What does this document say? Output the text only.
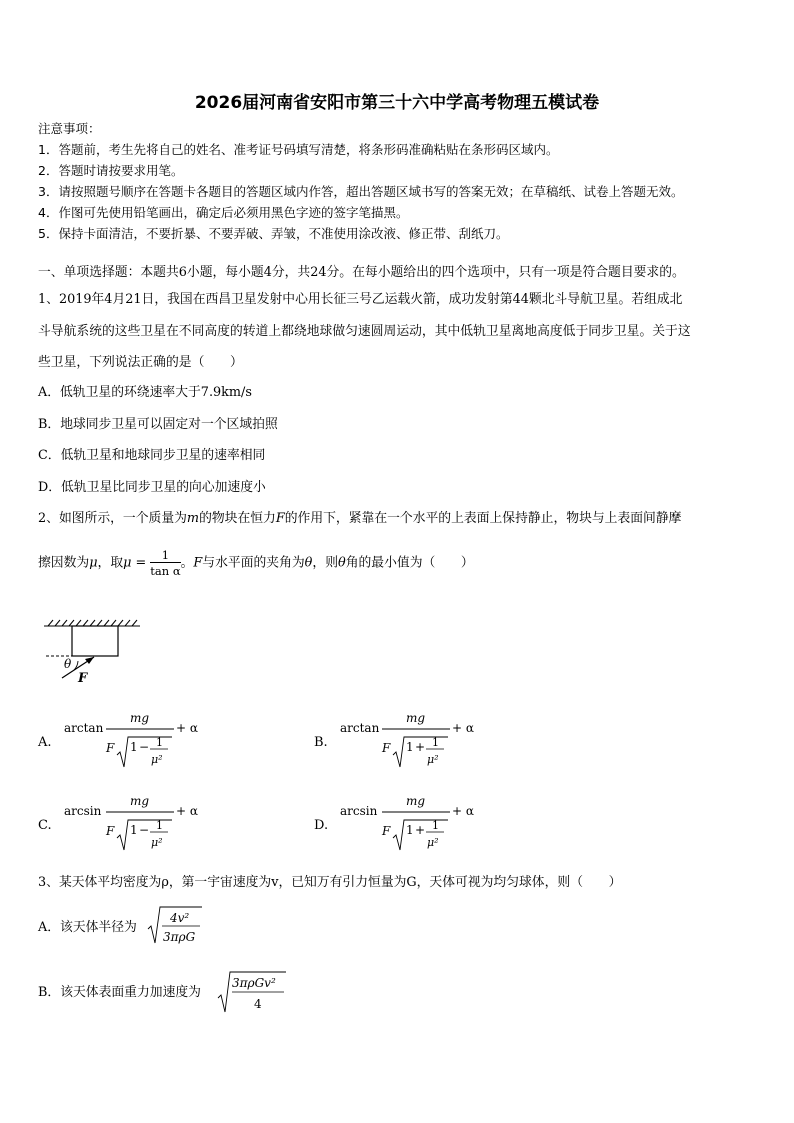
2026届河南省安阳市第三十六中学高考物理五模试卷
注意事项：
1．答题前，考生先将自己的姓名、准考证号码填写清楚，将条形码准确粘贴在条形码区域内。
2．答题时请按要求用笔。
3．请按照题号顺序在答题卡各题目的答题区域内作答，超出答题区域书写的答案无效；在草稿纸、试卷上答题无效。
4．作图可先使用铅笔画出，确定后必须用黑色字迹的签字笔描黑。
5．保持卡面清洁，不要折暴、不要弄破、弄皱，不准使用涂改液、修正带、刮纸刀。
一、单项选择题：本题共6小题，每小题4分，共24分。在每小题给出的四个选项中，只有一项是符合题目要求的。
1、2019年4月21日，我国在西昌卫星发射中心用长征三号乙运载火箭，成功发射第44颗北斗导航卫星。若组成北
斗导航系统的这些卫星在不同高度的转道上都绕地球做匀速圆周运动，其中低轨卫星离地高度低于同步卫星。关于这
些卫星，下列说法正确的是（　　）
A．低轨卫星的环绕速率大于7.9km/s
B．地球同步卫星可以固定对一个区域拍照
C．低轨卫星和地球同步卫星的速率相同
D．低轨卫星比同步卫星的向心加速度小
2、如图所示，一个质量为m的物块在恒力F的作用下，紧靠在一个水平的上表面上保持静止，物块与上表面间静摩
擦因数为μ，取$\mu = \frac{1}{\text{tan α}}$ 。F与水平面的夹角为θ，则θ角的最小值为（　　）
θ
F
A.
arctan
mg
F 1 − 1
μ²
+ α
B.
arctan
mg
F 1 + 1
μ²
+ α
C.
arcsin
mg
F 1 − 1
μ²
+ α
D.
arcsin
mg
F 1 + 1
μ²
+ α
3、某天体平均密度为ρ，第一宇宙速度为v，已知万有引力恒量为G，天体可视为均匀球体，则（　　）
A．该天体半径为
4v²
3πρG
B．该天体表面重力加速度为
3πρGv²
4
